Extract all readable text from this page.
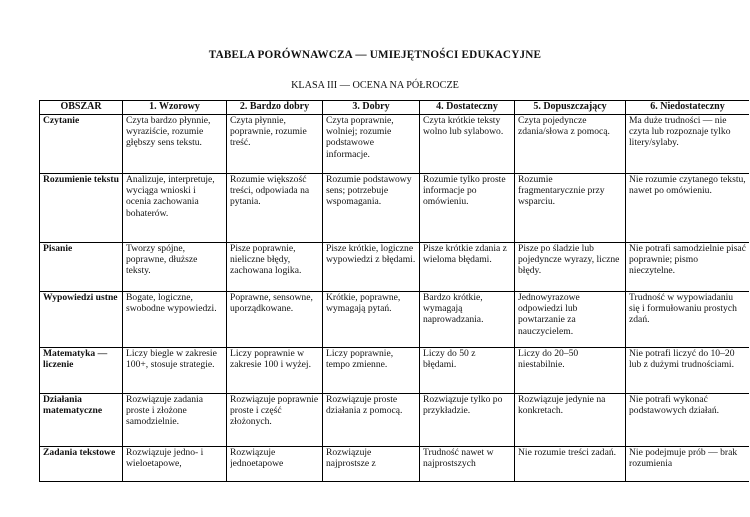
TABELA PORÓWNAWCZA — UMIEJĘTNOŚCI EDUKACYJNE
KLASA III — OCENA NA PÓŁROCZE
OBSZAR	1. Wzorowy	2. Bardzo dobry	3. Dobry	4. Dostateczny	5. Dopuszczający	6. Niedostateczny

Czytanie	Czyta bardzo płynnie, wyraziście, rozumie głębszy sens tekstu.	Czyta płynnie, poprawnie, rozumie treść.	Czyta poprawnie, wolniej; rozumie podstawowe informacje.	Czyta krótkie teksty wolno lub sylabowo.	Czyta pojedyncze zdania/słowa z pomocą.	Ma duże trudności — nie czyta lub rozpoznaje tylko litery/sylaby.

Rozumienie tekstu	Analizuje, interpretuje, wyciąga wnioski i ocenia zachowania bohaterów.	Rozumie większość treści, odpowiada na pytania.	Rozumie podstawowy sens; potrzebuje wspomagania.	Rozumie tylko proste informacje po omówieniu.	Rozumie fragmentarycznie przy wsparciu.	Nie rozumie czytanego tekstu, nawet po omówieniu.

Pisanie	Tworzy spójne, poprawne, dłuższe teksty.	Pisze poprawnie, nieliczne błędy, zachowana logika.	Pisze krótkie, logiczne wypowiedzi z błędami.	Pisze krótkie zdania z wieloma błędami.	Pisze po śladzie lub pojedyncze wyrazy, liczne błędy.	Nie potrafi samodzielnie pisać poprawnie; pismo nieczytelne.

Wypowiedzi ustne	Bogate, logiczne, swobodne wypowiedzi.	Poprawne, sensowne, uporządkowane.	Krótkie, poprawne, wymagają pytań.	Bardzo krótkie, wymagają naprowadzania.	Jednowyrazowe odpowiedzi lub powtarzanie za nauczycielem.	Trudność w wypowiadaniu się i formułowaniu prostych zdań.

Matematyka — liczenie	Liczy biegle w zakresie 100+, stosuje strategie.	Liczy poprawnie w zakresie 100 i wyżej.	Liczy poprawnie, tempo zmienne.	Liczy do 50 z błędami.	Liczy do 20–50 niestabilnie.	Nie potrafi liczyć do 10–20 lub z dużymi trudnościami.

Działania matematyczne	Rozwiązuje zadania proste i złożone samodzielnie.	Rozwiązuje poprawnie proste i część złożonych.	Rozwiązuje proste działania z pomocą.	Rozwiązuje tylko po przykładzie.	Rozwiązuje jedynie na konkretach.	Nie potrafi wykonać podstawowych działań.

Zadania tekstowe	Rozwiązuje jedno- i wieloetapowe,	Rozwiązuje jednoetapowe	Rozwiązuje najprostsze z	Trudność nawet w najprostszych	Nie rozumie treści zadań.	Nie podejmuje prób — brak rozumienia
